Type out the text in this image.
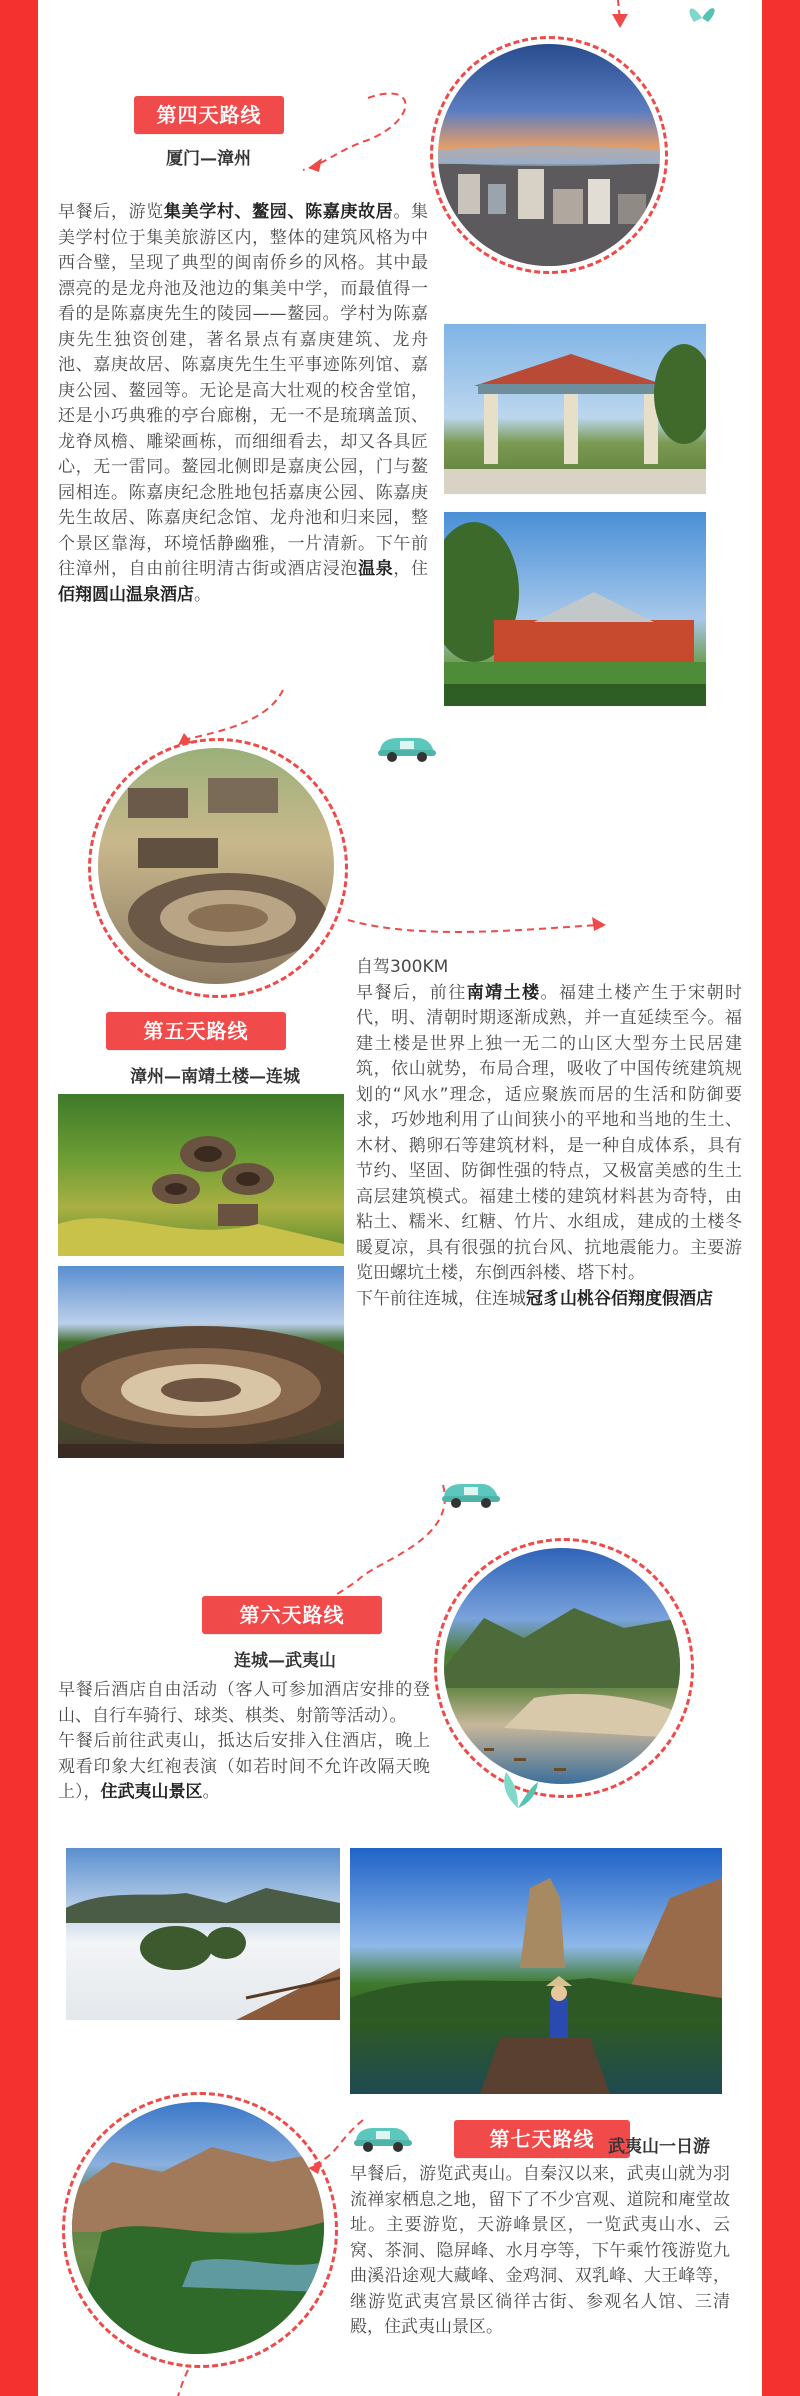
第四天路线
厦门—漳州
早餐后，游览集美学村、鳌园、陈嘉庚故居。集美学村位于集美旅游区内，整体的建筑风格为中西合璧，呈现了典型的闽南侨乡的风格。其中最漂亮的是龙舟池及池边的集美中学，而最值得一看的是陈嘉庚先生的陵园——鳌园。学村为陈嘉庚先生独资创建，著名景点有嘉庚建筑、龙舟池、嘉庚故居、陈嘉庚先生生平事迹陈列馆、嘉庚公园、鳌园等。无论是高大壮观的校舍堂馆，还是小巧典雅的亭台廊榭，无一不是琉璃盖顶、龙脊凤檐、雕梁画栋，而细细看去，却又各具匠心，无一雷同。鳌园北侧即是嘉庚公园，门与鳌园相连。陈嘉庚纪念胜地包括嘉庚公园、陈嘉庚先生故居、陈嘉庚纪念馆、龙舟池和归来园，整个景区靠海，环境恬静幽雅，一片清新。下午前往漳州，自由前往明清古街或酒店浸泡温泉，住佰翔圆山温泉酒店。
第五天路线
漳州—南靖土楼—连城
自驾300KM
早餐后，前往南靖土楼。福建土楼产生于宋朝时代，明、清朝时期逐渐成熟，并一直延续至今。福建土楼是世界上独一无二的山区大型夯土民居建筑，依山就势，布局合理，吸收了中国传统建筑规划的“风水”理念，适应聚族而居的生活和防御要求，巧妙地利用了山间狭小的平地和当地的生土、木材、鹅卵石等建筑材料，是一种自成体系，具有节约、坚固、防御性强的特点，又极富美感的生土高层建筑模式。福建土楼的建筑材料甚为奇特，由粘土、糯米、红糖、竹片、水组成，建成的土楼冬暖夏凉，具有很强的抗台风、抗地震能力。主要游览田螺坑土楼，东倒西斜楼、塔下村。
下午前往连城，住连城冠豸山桃谷佰翔度假酒店
第六天路线
连城—武夷山
早餐后酒店自由活动（客人可参加酒店安排的登山、自行车骑行、球类、棋类、射箭等活动）。
午餐后前往武夷山，抵达后安排入住酒店，晚上观看印象大红袍表演（如若时间不允许改隔天晚上），住武夷山景区。
第七天路线 武夷山一日游
早餐后，游览武夷山。自秦汉以来，武夷山就为羽流禅家栖息之地，留下了不少宫观、道院和庵堂故址。主要游览，天游峰景区，一览武夷山水、云窝、茶洞、隐屏峰、水月亭等，下午乘竹筏游览九曲溪沿途观大藏峰、金鸡洞、双乳峰、大王峰等，继游览武夷宫景区徜徉古街、参观名人馆、三清殿，住武夷山景区。
